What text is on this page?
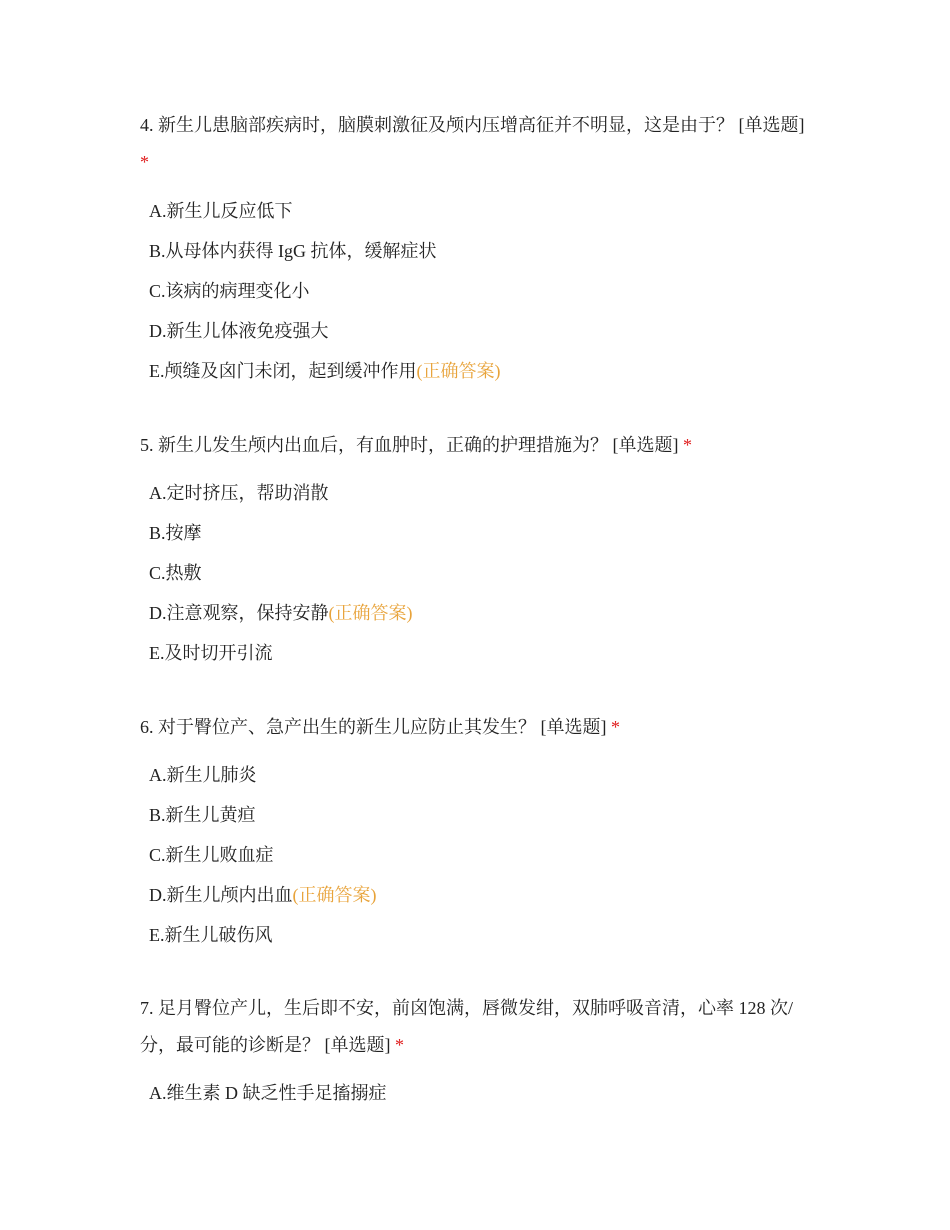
4. 新生儿患脑部疾病时，脑膜刺激征及颅内压增高征并不明显，这是由于？ [单选题] *

A.新生儿反应低下
B.从母体内获得 IgG 抗体，缓解症状
C.该病的病理变化小
D.新生儿体液免疫强大
E.颅缝及囟门未闭，起到缓冲作用(正确答案)

5. 新生儿发生颅内出血后，有血肿时，正确的护理措施为？ [单选题] *

A.定时挤压，帮助消散
B.按摩
C.热敷
D.注意观察，保持安静(正确答案)
E.及时切开引流

6. 对于臀位产、急产出生的新生儿应防止其发生？ [单选题] *

A.新生儿肺炎
B.新生儿黄疸
C.新生儿败血症
D.新生儿颅内出血(正确答案)
E.新生儿破伤风

7. 足月臀位产儿，生后即不安，前囟饱满，唇微发绀，双肺呼吸音清，心率 128 次/分，最可能的诊断是？ [单选题] *

A.维生素 D 缺乏性手足搐搦症
